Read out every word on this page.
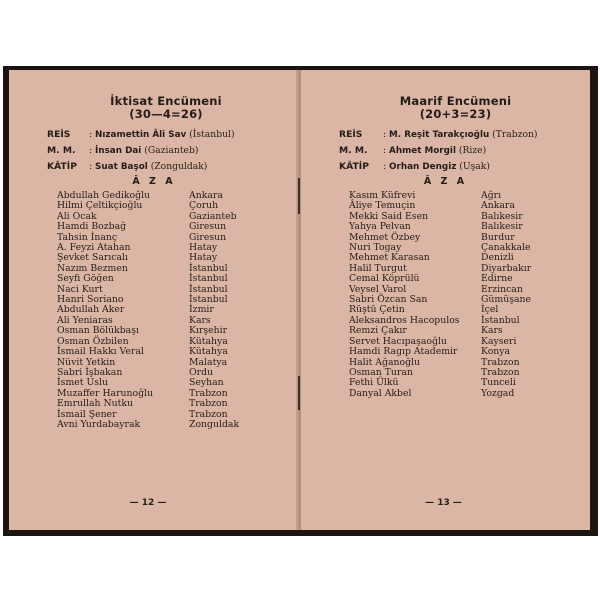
İktisat Encümeni
(30—4=26)
REİS : Nızamettin Âli Sav (İstanbul)
M. M. : İnsan Dai (Gazianteb)
KÂTİP : Suat Başol (Zonguldak)
Â Z A
Abdullah Gedikoğlu	Ankara
Hilmi Çeltikçioğlu	Çoruh
Ali Ocak	Gazianteb
Hamdi Bozbağ	Giresun
Tahsin İnanç	Giresun
A. Feyzi Atahan	Hatay
Şevket Sarıcalı	Hatay
Nazım Bezmen	İstanbul
Seyfi Göğen	İstanbul
Naci Kurt	İstanbul
Hanri Soriano	İstanbul
Abdullah Aker	İzmir
Ali Yeniaras	Kars
Osman Bölükbaşı	Kırşehir
Osman Özbilen	Kütahya
İsmail Hakkı Veral	Kütahya
Nüvit Yetkin	Malatya
Sabri İşbakan	Ordu
İsmet Uslu	Seyhan
Muzaffer Harunoğlu	Trabzon
Emrullah Nutku	Trabzon
İsmail Şener	Trabzon
Avni Yurdabayrak	Zonguldak
— 12 —
Maarif Encümeni
(20+3=23)
REİS : M. Reşit Tarakçıoğlu (Trabzon)
M. M. : Ahmet Morgil (Rize)
KÂTİP : Orhan Dengiz (Uşak)
Â Z A
Kasım Küfrevi	Ağrı
Âliye Temuçin	Ankara
Mekki Said Esen	Balıkesir
Yahya Pelvan	Balıkesir
Mehmet Özbey	Burdur
Nuri Togay	Çanakkale
Mehmet Karasan	Denizli
Halil Turgut	Diyarbakır
Cemal Köprülü	Edirne
Veysel Varol	Erzincan
Sabri Özcan San	Gümüşane
Rüştü Çetin	İçel
Aleksandros Hacopulos	İstanbul
Remzi Çakır	Kars
Servet Hacıpaşaoğlu	Kayseri
Hamdi Ragıp Atademir	Konya
Halit Ağanoğlu	Trabzon
Osman Turan	Trabzon
Fethi Ülkü	Tunceli
Danyal Akbel	Yozgad
— 13 —
